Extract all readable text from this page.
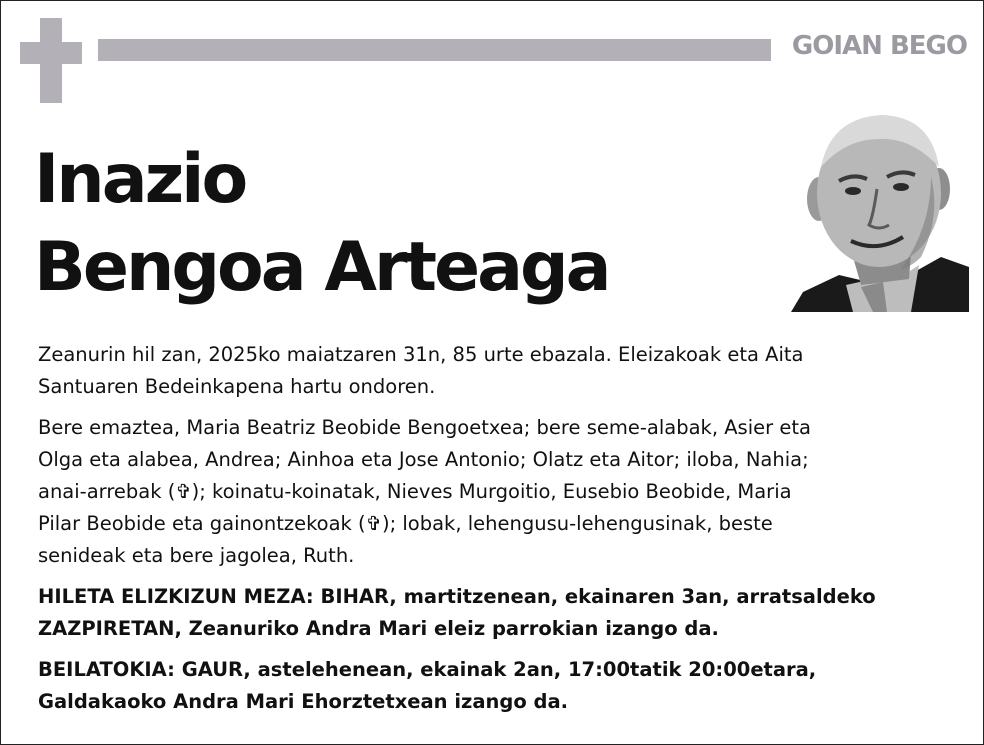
GOIAN BEGO
Inazio
Bengoa Arteaga

Zeanurin hil zan, 2025ko maiatzaren 31n, 85 urte ebazala. Eleizakoak eta Aita
Santuaren Bedeinkapena hartu ondoren.

Bere emaztea, Maria Beatriz Beobide Bengoetxea; bere seme-alabak, Asier eta
Olga eta alabea, Andrea; Ainhoa eta Jose Antonio; Olatz eta Aitor; iloba, Nahia;
anai-arrebak (✞); koinatu-koinatak, Nieves Murgoitio, Eusebio Beobide, Maria
Pilar Beobide eta gainontzekoak (✞); lobak, lehengusu-lehengusinak, beste
senideak eta bere jagolea, Ruth.

HILETA ELIZKIZUN MEZA: BIHAR, martitzenean, ekainaren 3an, arratsaldeko
ZAZPIRETAN, Zeanuriko Andra Mari eleiz parrokian izango da.

BEILATOKIA: GAUR, astelehenean, ekainak 2an, 17:00tatik 20:00etara,
Galdakaoko Andra Mari Ehorztetxean izango da.
